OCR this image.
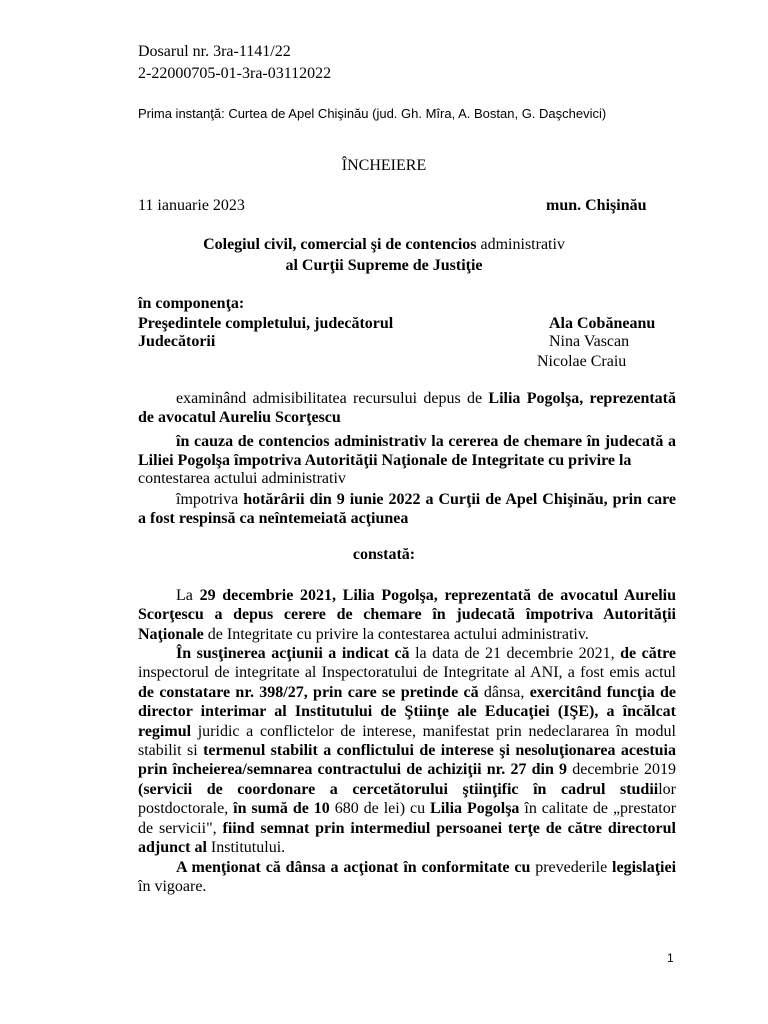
Dosarul nr. 3ra-1141/22
2-22000705-01-3ra-03112022
Prima instanţă: Curtea de Apel Chişinău (jud. Gh. Mîra, A. Bostan, G. Daşchevici)
ÎNCHEIERE
11 ianuarie 2023	mun. Chişinău
Colegiul civil, comercial şi de contencios administrativ
al Curţii Supreme de Justiţie
în componenţa:
Preşedintele completului, judecătorul	Ala Cobăneanu
Judecătorii	Nina Vascan
Nicolae Craiu
examinând admisibilitatea recursului depus de Lilia Pogolşa, reprezentată de avocatul Aureliu Scorţescu
în cauza de contencios administrativ la cererea de chemare în judecată a Liliei Pogolşa împotriva Autorităţii Naţionale de Integritate cu privire la
contestarea actului administrativ
împotriva hotărârii din 9 iunie 2022 a Curţii de Apel Chişinău, prin care a fost respinsă ca neîntemeiată acţiunea
constată:
La 29 decembrie 2021, Lilia Pogolşa, reprezentată de avocatul Aureliu Scorţescu a depus cerere de chemare în judecată împotriva Autorităţii Naţionale de Integritate cu privire la contestarea actului administrativ.
În susţinerea acţiunii a indicat că la data de 21 decembrie 2021, de către inspectorul de integritate al Inspectoratului de Integritate al ANI, a fost emis actul de constatare nr. 398/27, prin care se pretinde că dânsa, exercitând funcţia de director interimar al Institutului de Ştiinţe ale Educaţiei (IŞE), a încălcat regimul juridic a conflictelor de interese, manifestat prin nedeclararea în modul stabilit si termenul stabilit a conflictului de interese şi nesoluţionarea acestuia prin încheierea/semnarea contractului de achiziţii nr. 27 din 9 decembrie 2019 (servicii de coordonare a cercetătorului ştiinţific în cadrul studiilor postdoctorale, în sumă de 10 680 de lei) cu Lilia Pogolşa în calitate de „prestator de servicii", fiind semnat prin intermediul persoanei terţe de către directorul adjunct al Institutului.
A menţionat că dânsa a acţionat în conformitate cu prevederile legislaţiei în vigoare.
1
